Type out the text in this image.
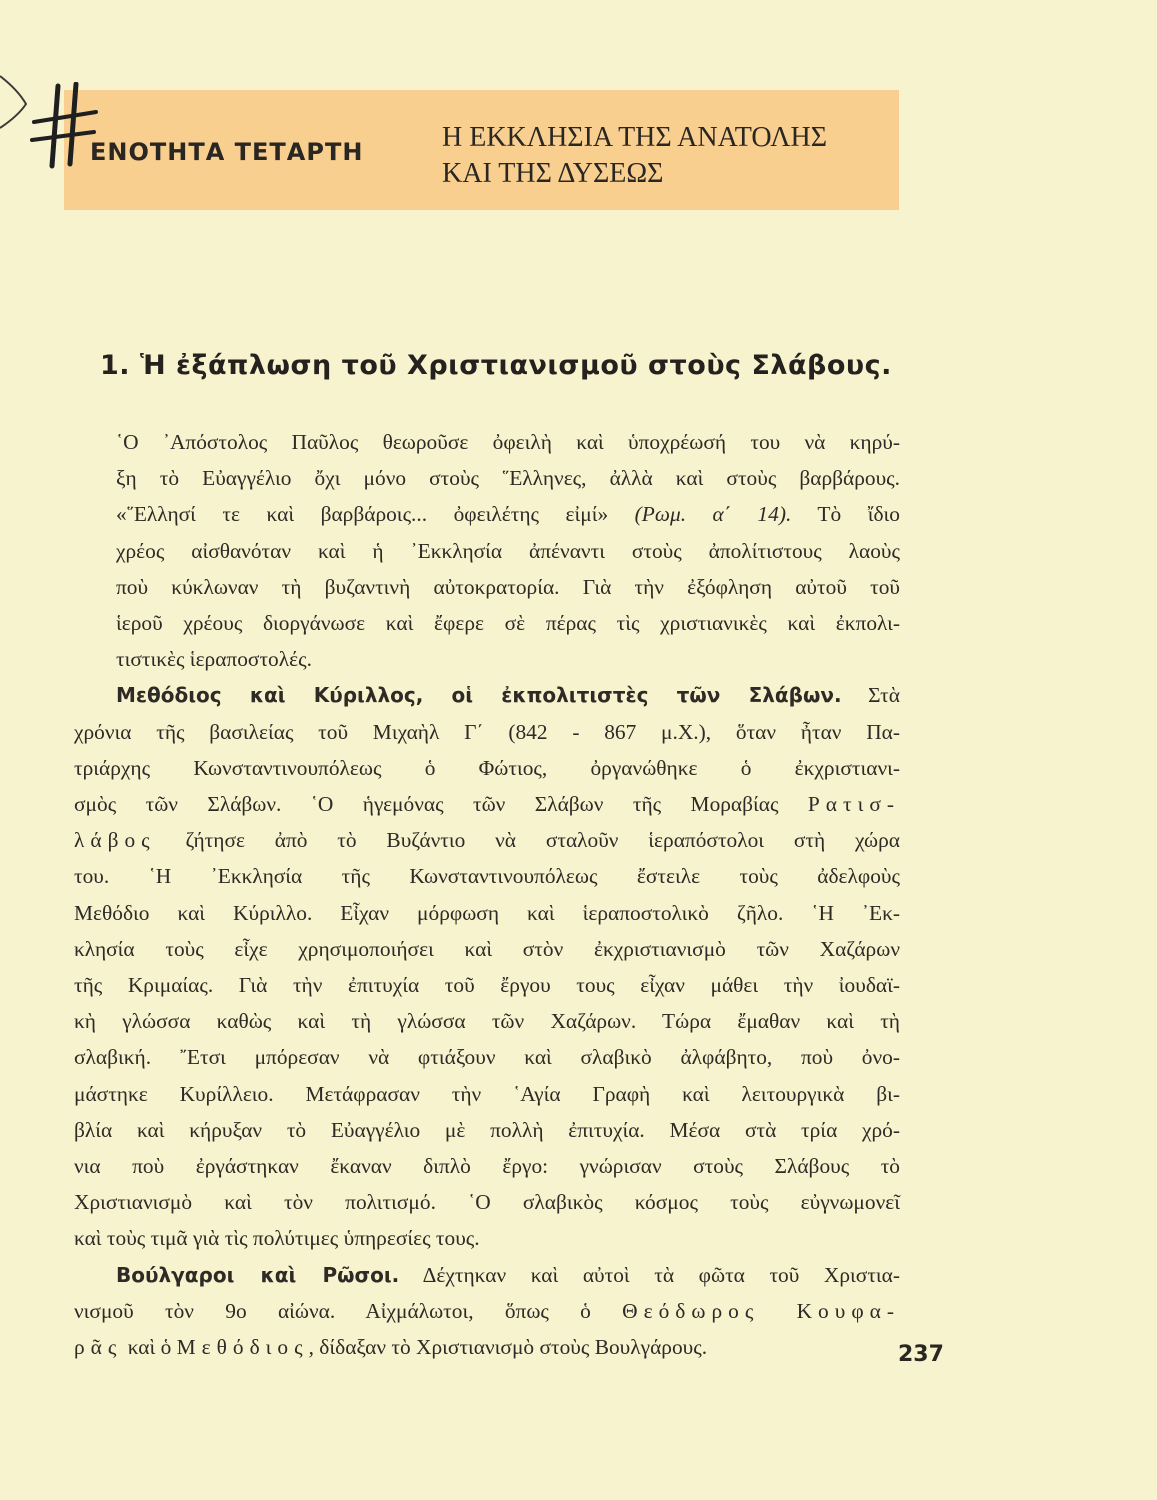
ΕΝΟΤΗΤΑ ΤΕΤΑΡΤΗ	Η ΕΚΚΛΗΣΙΑ ΤΗΣ ΑΝΑΤΟΛΗΣ
ΚΑΙ ΤΗΣ ΔΥΣΕΩΣ
1. Ἡ ἐξάπλωση τοῦ Χριστιανισμοῦ στοὺς Σλάβους.

῾Ο ᾿Απόστολος Παῦλος θεωροῦσε ὀφειλὴ καὶ ὑποχρέωσή του νὰ κηρύ-
ξη τὸ Εὐαγγέλιο ὄχι μόνο στοὺς ῞Ελληνες, ἀλλὰ καὶ στοὺς βαρβάρους.
«῞Ελλησί τε καὶ βαρβάροις... ὀφειλέτης εἰμί» (Ρωμ. α΄ 14). Τὸ ἴδιο
χρέος αἰσθανόταν καὶ ἡ ᾿Εκκλησία ἀπέναντι στοὺς ἀπολίτιστους λαοὺς
ποὺ κύκλωναν τὴ βυζαντινὴ αὐτοκρατορία. Γιὰ τὴν ἐξόφληση αὐτοῦ τοῦ
ἱεροῦ χρέους διοργάνωσε καὶ ἔφερε σὲ πέρας τὶς χριστιανικὲς καὶ ἐκπολι-
τιστικὲς ἱεραποστολές.

Μεθόδιος καὶ Κύριλλος, οἱ ἐκπολιτιστὲς τῶν Σλάβων. Στὰ
χρόνια τῆς βασιλείας τοῦ Μιχαὴλ Γ΄ (842 - 867 μ.Χ.), ὅταν ἦταν Πα-
τριάρχης Κωνσταντινουπόλεως ὁ Φώτιος, ὀργανώθηκε ὁ ἐκχριστιανι-
σμὸς τῶν Σλάβων. ῾Ο ἡγεμόνας τῶν Σλάβων τῆς Μοραβίας Ρατισ-
λάβος ζήτησε ἀπὸ τὸ Βυζάντιο νὰ σταλοῦν ἱεραπόστολοι στὴ χώρα
του. ῾Η ᾿Εκκλησία τῆς Κωνσταντινουπόλεως ἔστειλε τοὺς ἀδελφοὺς
Μεθόδιο καὶ Κύριλλο. Εἶχαν μόρφωση καὶ ἱεραποστολικὸ ζῆλο. ῾Η ᾿Εκ-
κλησία τοὺς εἶχε χρησιμοποιήσει καὶ στὸν ἐκχριστιανισμὸ τῶν Χαζάρων
τῆς Κριμαίας. Γιὰ τὴν ἐπιτυχία τοῦ ἔργου τους εἶχαν μάθει τὴν ἰουδαϊ-
κὴ γλώσσα καθὼς καὶ τὴ γλώσσα τῶν Χαζάρων. Τώρα ἔμαθαν καὶ τὴ
σλαβική. ῎Ετσι μπόρεσαν νὰ φτιάξουν καὶ σλαβικὸ ἀλφάβητο, ποὺ ὀνο-
μάστηκε Κυρίλλειο. Μετάφρασαν τὴν ῾Αγία Γραφὴ καὶ λειτουργικὰ βι-
βλία καὶ κήρυξαν τὸ Εὐαγγέλιο μὲ πολλὴ ἐπιτυχία. Μέσα στὰ τρία χρό-
νια ποὺ ἐργάστηκαν ἔκαναν διπλὸ ἔργο: γνώρισαν στοὺς Σλάβους τὸ
Χριστιανισμὸ καὶ τὸν πολιτισμό. ῾Ο σλαβικὸς κόσμος τοὺς εὐγνωμονεῖ
καὶ τοὺς τιμᾶ γιὰ τὶς πολύτιμες ὑπηρεσίες τους.

Βούλγαροι καὶ Ρῶσοι. Δέχτηκαν καὶ αὐτοὶ τὰ φῶτα τοῦ Χριστια-
νισμοῦ τὸν 9ο αἰώνα. Αἰχμάλωτοι, ὅπως ὁ Θεόδωρος Κουφα-
ρᾶς καὶ ὁ Μεθόδιος, δίδαξαν τὸ Χριστιανισμὸ στοὺς Βουλγάρους.	237
